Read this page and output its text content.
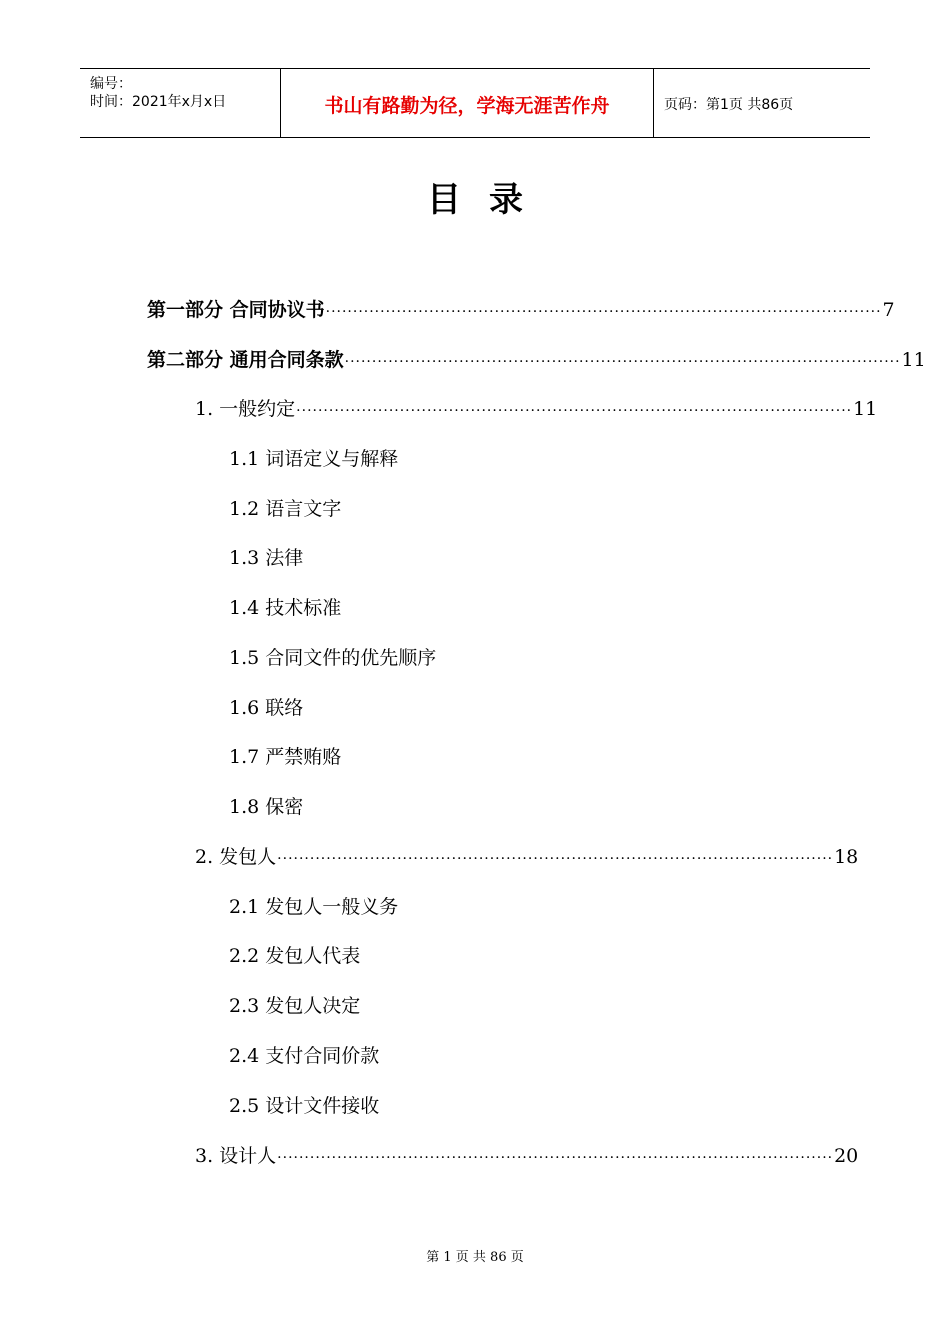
编号：
时间：2021年x月x日	书山有路勤为径，学海无涯苦作舟	页码：第1页 共86页
目录
第一部分 合同协议书 ······································································································ 7
第二部分 通用合同条款 ······································································································ 11
1. 一般约定 ······································································································ 11
1.1 词语定义与解释
1.2 语言文字
1.3 法律
1.4 技术标准
1.5 合同文件的优先顺序
1.6 联络
1.7 严禁贿赂
1.8 保密
2. 发包人 ······································································································ 18
2.1 发包人一般义务
2.2 发包人代表
2.3 发包人决定
2.4 支付合同价款
2.5 设计文件接收
3. 设计人 ······································································································ 20
第 1 页 共 86 页
